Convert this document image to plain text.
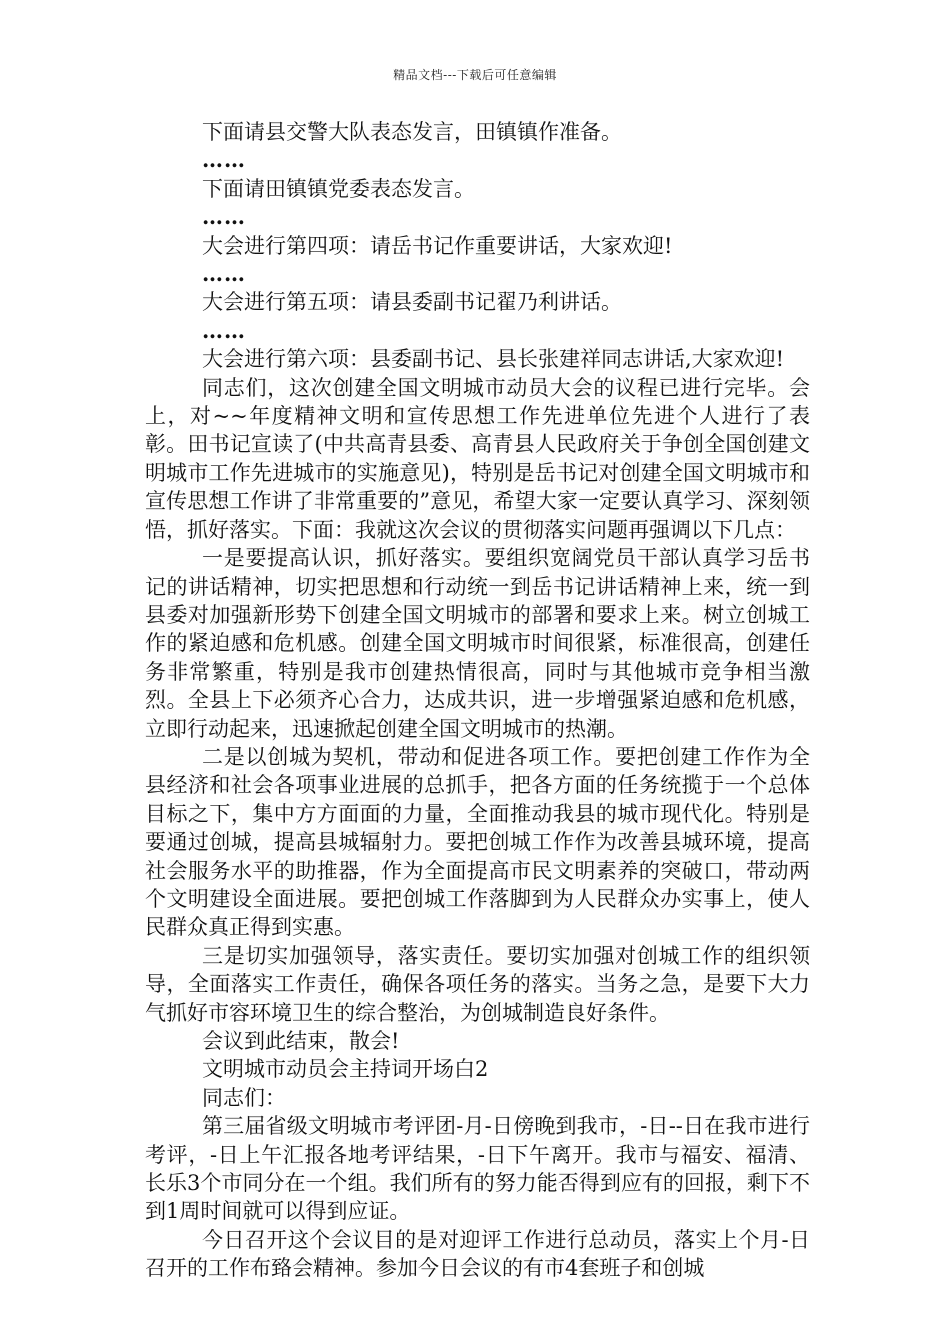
精品文档---下载后可任意编辑

下面请县交警大队表态发言，田镇镇作准备。

……

下面请田镇镇党委表态发言。

……

大会进行第四项：请岳书记作重要讲话，大家欢迎!

……

大会进行第五项：请县委副书记翟乃利讲话。

……

大会进行第六项：县委副书记、县长张建祥同志讲话,大家欢迎!

同志们，这次创建全国文明城市动员大会的议程已进行完毕。会上，对~~年度精神文明和宣传思想工作先进单位先进个人进行了表彰。田书记宣读了(中共高青县委、高青县人民政府关于争创全国创建文明城市工作先进城市的实施意见)，特别是岳书记对创建全国文明城市和宣传思想工作讲了非常重要的”意见，希望大家一定要认真学习、深刻领悟，抓好落实。下面：我就这次会议的贯彻落实问题再强调以下几点：

一是要提高认识，抓好落实。要组织宽阔党员干部认真学习岳书记的讲话精神，切实把思想和行动统一到岳书记讲话精神上来，统一到县委对加强新形势下创建全国文明城市的部署和要求上来。树立创城工作的紧迫感和危机感。创建全国文明城市时间很紧，标准很高，创建任务非常繁重，特别是我市创建热情很高，同时与其他城市竞争相当激烈。全县上下必须齐心合力，达成共识，进一步增强紧迫感和危机感，立即行动起来，迅速掀起创建全国文明城市的热潮。

二是以创城为契机，带动和促进各项工作。要把创建工作作为全县经济和社会各项事业进展的总抓手，把各方面的任务统揽于一个总体目标之下，集中方方面面的力量，全面推动我县的城市现代化。特别是要通过创城，提高县城辐射力。要把创城工作作为改善县城环境，提高社会服务水平的助推器，作为全面提高市民文明素养的突破口，带动两个文明建设全面进展。要把创城工作落脚到为人民群众办实事上，使人民群众真正得到实惠。

三是切实加强领导，落实责任。要切实加强对创城工作的组织领导，全面落实工作责任，确保各项任务的落实。当务之急，是要下大力气抓好市容环境卫生的综合整治，为创城制造良好条件。

会议到此结束，散会!

文明城市动员会主持词开场白2

同志们：

第三届省级文明城市考评团-月-日傍晚到我市，-日--日在我市进行考评，-日上午汇报各地考评结果，-日下午离开。我市与福安、福清、长乐3个市同分在一个组。我们所有的努力能否得到应有的回报，剩下不到1周时间就可以得到应证。

今日召开这个会议目的是对迎评工作进行总动员，落实上个月-日召开的工作布臵会精神。参加今日会议的有市4套班子和创城
